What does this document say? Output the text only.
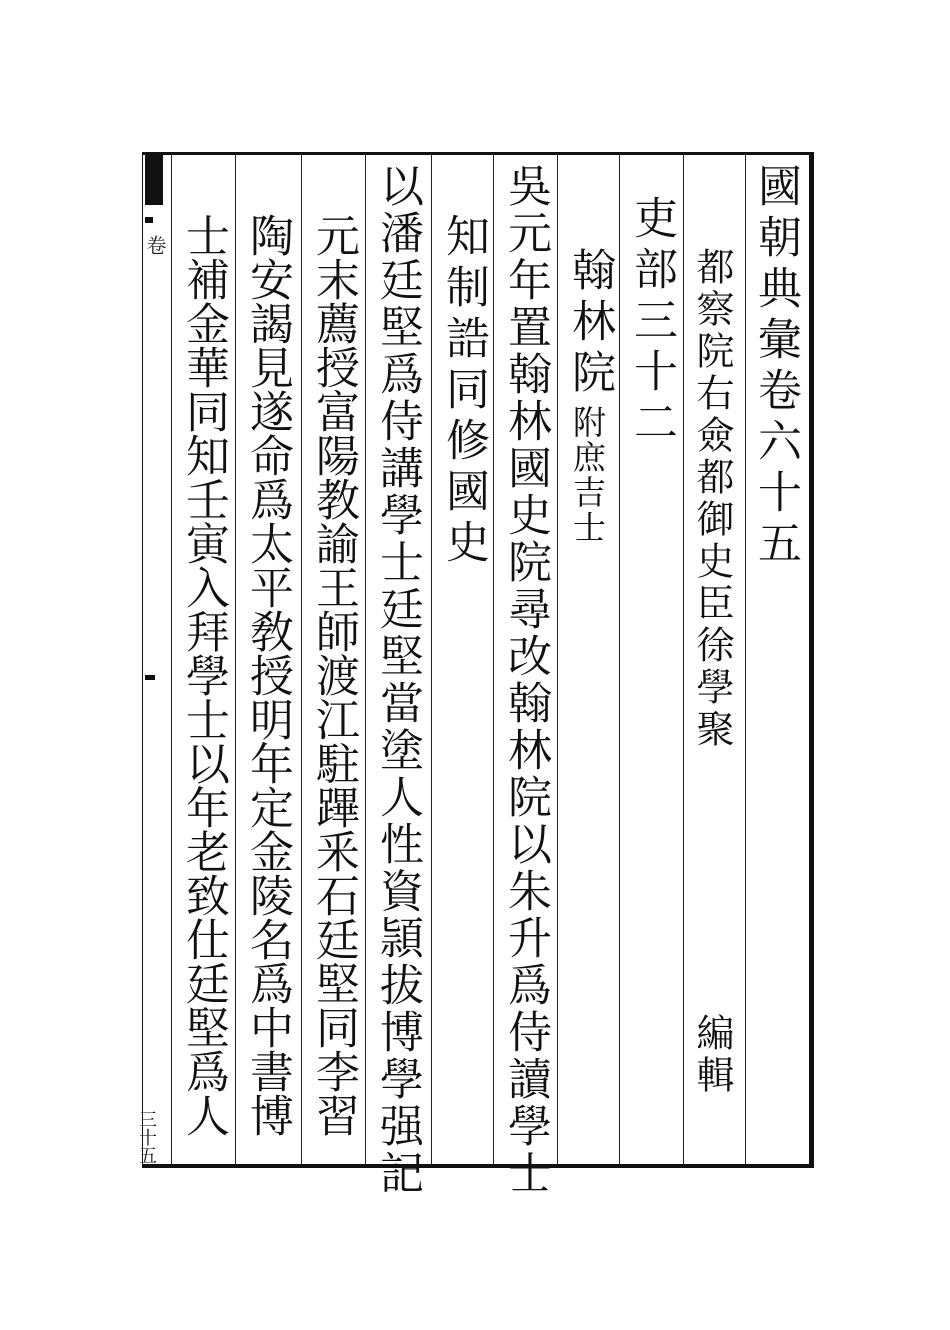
卷
三十五
國朝典彙卷六十五
都察院右僉都御史臣徐學聚
編輯
吏部三十二
翰林院
附庶吉士
吳元年置翰林國史院尋改翰林院以朱升爲侍讀學士
知制誥同修國史
以潘廷堅爲侍講學士廷堅當塗人性資頴拔博學强記
元末薦授富陽教諭王師渡江駐蹕釆石廷堅同李習
陶安謁見遂命爲太平敎授明年定金陵名爲中書博
士補金華同知壬寅入拜學士以年老致仕廷堅爲人
